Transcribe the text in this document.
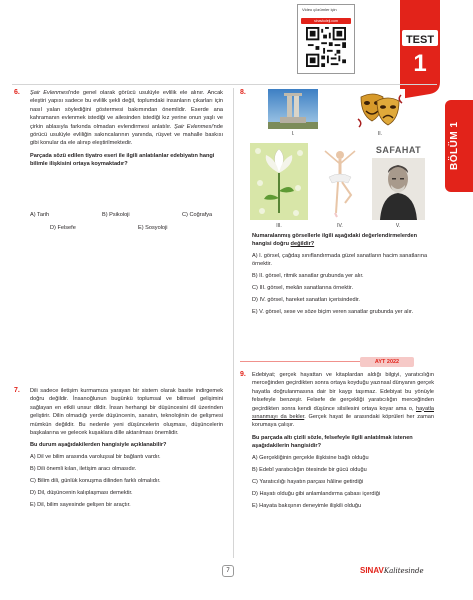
Video çözümler için
sinavkoleji.com
TEST
1
BÖLÜM 1
6. Şair Evlenmesi'nde genel olarak görücü usulüyle evlilik ele alınır. Ancak eleştiri yapısı sadece bu evlilik şekli değil, toplumdaki insanların çıkarları için nasıl yalan söylediğini göstermesi bakımından önemlidir. Eserde ana kahramanın evlenmek istediği ve ailesinden istediği kız yerine onun yaşlı ve çirkin ablasıyla farkında olmadan evlendirmesi anlatılır. Şair Evlenmesi'nde görücü usulüyle evliliğin sakıncalarının yanında, rüşvet ve mahalle baskısı gibi konular da ele alınıp eleştirilmektedir.

Parçada sözü edilen tiyatro eseri ile ilgili anlatılanlar edebiyatın hangi bilimle ilişkisini ortaya koymaktadır?

A) Tarih	B) Psikoloji	C) Coğrafya
D) Felsefe	E) Sosyoloji
7. Dili sadece iletişim kurmamıza yarayan bir sistem olarak basite indirgemek doğru değildir. İnsanoğlunun bugünkü toplumsal ve bilimsel gelişimini sağlayan en etkili unsur dildir. İnsan herhangi bir düşüncesini dil üzerinden geliştirir. Dilin olmadığı yerde düşüncenin, sanatın, teknolojinin de gelişmesi mümkün değildir. Bu nedenle yeni düşüncelerin oluşması, düşüncelerin başkalarına ve gelecek kuşaklara dille aktarılması önemlidir.

Bu durum aşağıdakilerden hangisiyle açıklanabilir?

A) Dil ve bilim arasında varoluşsal bir bağlantı vardır.
B) Dili önemli kılan, iletişim aracı olmasıdır.
C) Bilim dili, günlük konuşma dilinden farklı olmalıdır.
D) Dil, düşüncenin kalıplaşması demektir.
E) Dil, bilim sayesinde gelişen bir araçtır.
8.
I.	II.
III.	IV.
SAFAHAT
V.

Numaralanmış görsellerle ilgili aşağıdaki değerlendirmelerden hangisi doğru değildir?

A) I. görsel, çağdaş sınıflandırmada güzel sanatların hacim sanatlarına örnektir.
B) II. görsel, ritmik sanatlar grubunda yer alır.
C) III. görsel, mekân sanatlarına örnektir.
D) IV. görsel, hareket sanatları içerisindedir.
E) V. görsel, sese ve söze biçim veren sanatlar grubunda yer alır.
AYT 2022
9. Edebiyat; gerçek hayattan ve kitaplardan aldığı bilgiyi, yaratıcılığın merceğinden geçirdikten sonra ortaya koyduğu yazınsal dünyanın gerçek hayatla doğrulanmasına dair bir kaygı taşımaz. Edebiyat bu yönüyle felsefeyle benzeşir. Felsefe de gerçekliği yaratıcılığın merceğinden geçirdikten sonra kendi düşünce silsilesini ortaya koyar ama o, hayatla sınanmayı da bekler. Gerçek hayat ile arasındaki köprüleri her zaman korumaya çalışır.

Bu parçada altı çizili sözle, felsefeyle ilgili anlatılmak istenen aşağıdakilerin hangisidir?

A) Gerçekliğinin gerçekle ilişkisine bağlı olduğu
B) Edebî yaratıcılığın ötesinde bir gücü olduğu
C) Yaratıcılığı hayatın parçası hâline getirdiği
D) Hayatı olduğu gibi anlamlandırma çabası içerdiği
E) Hayata bakışının deneyimle ilişkili olduğu
7	SINAVKalitesinde
